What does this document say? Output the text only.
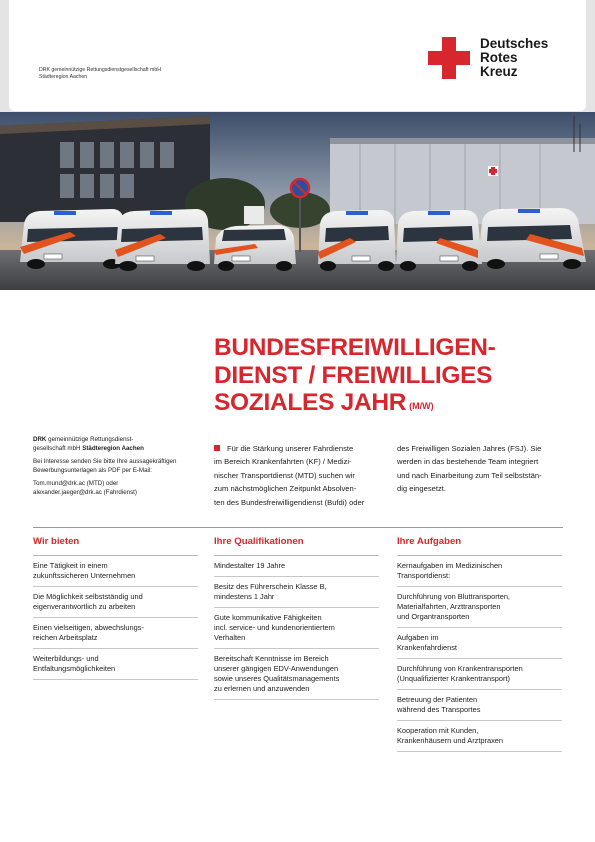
DRK gemeinnützige Rettungsdienstgesellschaft mbH
Städteregion Aachen
Deutsches
Rotes
Kreuz
BUNDESFREIWILLIGEN-
DIENST / FREIWILLIGES
SOZIALES JAHR (M/W)

DRK gemeinnützige Rettungsdienst-
gesellschaft mbH Städteregion Aachen

Bei Interesse senden Sie bitte Ihre aussagekräftigen
Bewerbungsunterlagen als PDF per E-Mail:

Tom.mund@drk.ac (MTD) oder
alexander.jaeger@drk.ac (Fahrdienst)

Für die Stärkung unserer Fahrdienste
im Bereich Krankenfahrten (KF) / Medizi-
nischer Transportdienst (MTD) suchen wir
zum nächstmöglichen Zeitpunkt Absolven-
ten des Bundesfreiwilligendienst (Bufdi) oder
des Freiwilligen Sozialen Jahres (FSJ). Sie
werden in das bestehende Team integriert
und nach Einarbeitung zum Teil selbststän-
dig eingesetzt.
Wir bieten
Eine Tätigkeit in einem
zukunftssicheren Unternehmen
Die Möglichkeit selbstständig und
eigenverantwortlich zu arbeiten
Einen vielseitigen, abwechslungs-
reichen Arbeitsplatz
Weiterbildungs- und
Entfaltungsmöglichkeiten
Ihre Qualifikationen
Mindestalter 19 Jahre
Besitz des Führerschein Klasse B,
mindestens 1 Jahr
Gute kommunikative Fähigkeiten
incl. service- und kundenorientiertem
Verhalten
Bereitschaft Kenntnisse im Bereich
unserer gängigen EDV-Anwendungen
sowie unseres Qualitätsmanagements
zu erlernen und anzuwenden
Ihre Aufgaben
Kernaufgaben im Medizinischen
Transportdienst:
Durchführung von Bluttransporten,
Materialfahrten, Arzttransporten
und Organtransporten
Aufgaben im
Krankenfahrdienst
Durchführung von Krankentransporten
(Unqualifizierter Krankentransport)
Betreuung der Patienten
während des Transportes
Kooperation mit Kunden,
Krankenhäusern und Arztpraxen
